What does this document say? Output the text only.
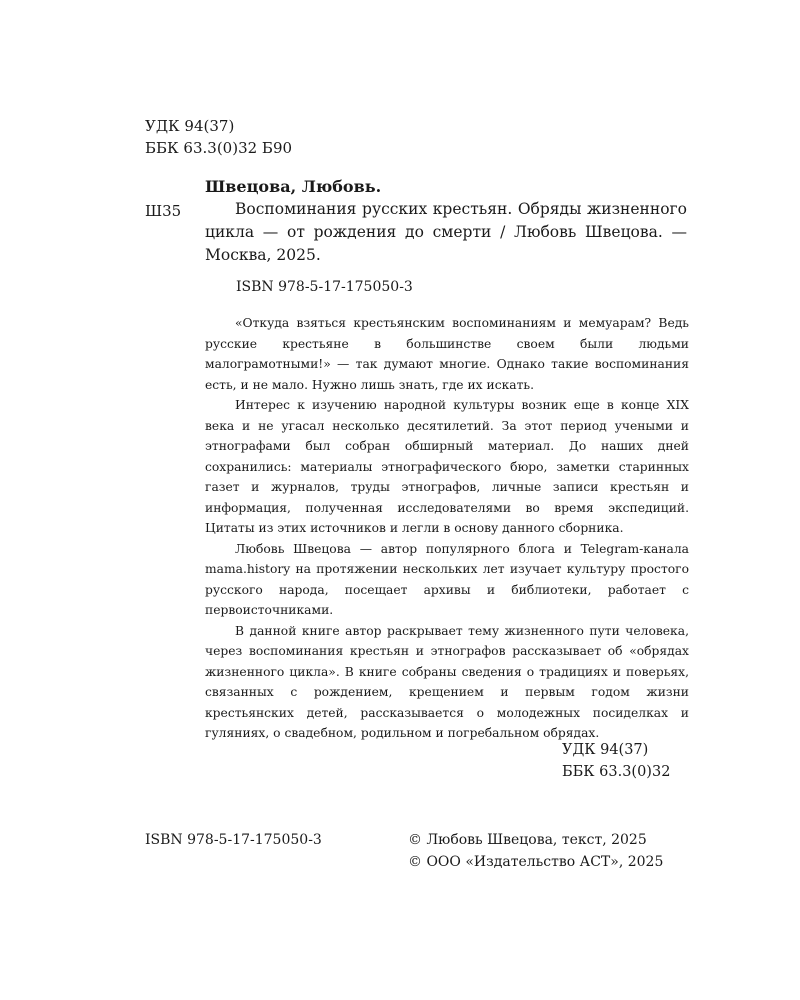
УДК 94(37)
ББК 63.3(0)32 Б90
Швецова, Любовь.
Ш35	Воспоминания русских крестьян. Обряды жизненного цикла — от рождения до смерти / Любовь Швецова. — Москва, 2025.
ISBN 978-5-17-175050-3

«Откуда взяться крестьянским воспоминаниям и мемуарам? Ведь русские крестьяне в большинстве своем были людьми малограмотными!» — так думают многие. Однако такие воспоминания есть, и не мало. Нужно лишь знать, где их искать.

Интерес к изучению народной культуры возник еще в конце XIX века и не угасал несколько десятилетий. За этот период учеными и этнографами был собран обширный материал. До наших дней сохранились: материалы этнографического бюро, заметки старинных газет и журналов, труды этнографов, личные записи крестьян и информация, полученная исследователями во время экспедиций. Цитаты из этих источников и легли в основу данного сборника.

Любовь Швецова — автор популярного блога и Telegram-канала mama.history на протяжении нескольких лет изучает культуру простого русского народа, посещает архивы и библиотеки, работает с первоисточниками.

В данной книге автор раскрывает тему жизненного пути человека, через воспоминания крестьян и этнографов рассказывает об «обрядах жизненного цикла». В книге собраны сведения о традициях и поверьях, связанных с рождением, крещением и первым годом жизни крестьянских детей, рассказывается о молодежных посиделках и гуляниях, о свадебном, родильном и погребальном обрядах.

УДК 94(37)
ББК 63.3(0)32
ISBN 978-5-17-175050-3	© Любовь Швецова, текст, 2025
© ООО «Издательство АСТ», 2025
